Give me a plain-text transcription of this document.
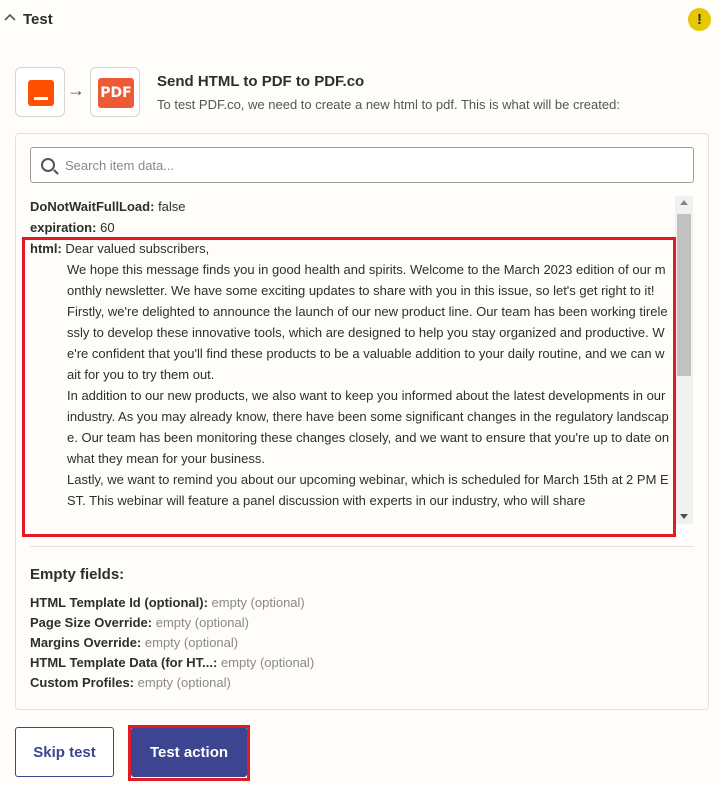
Test	!
→ PDF
Send HTML to PDF to PDF.co
To test PDF.co, we need to create a new html to pdf. This is what will be created:
Search item data...
DoNotWaitFullLoad: false
expiration: 60
html: Dear valued subscribers,
We hope this message finds you in good health and spirits. Welcome to the March 2023 edition of our monthly newsletter. We have some exciting updates to share with you in this issue, so let's get right to it!
Firstly, we're delighted to announce the launch of our new product line. Our team has been working tirelessly to develop these innovative tools, which are designed to help you stay organized and productive. We're confident that you'll find these products to be a valuable addition to your daily routine, and we can wait for you to try them out.
In addition to our new products, we also want to keep you informed about the latest developments in our industry. As you may already know, there have been some significant changes in the regulatory landscape. Our team has been monitoring these changes closely, and we want to ensure that you're up to date on what they mean for your business.
Lastly, we want to remind you about our upcoming webinar, which is scheduled for March 15th at 2 PM EST. This webinar will feature a panel discussion with experts in our industry, who will share
Empty fields:
HTML Template Id (optional): empty (optional)
Page Size Override: empty (optional)
Margins Override: empty (optional)
HTML Template Data (for HT...: empty (optional)
Custom Profiles: empty (optional)
Skip test	Test action
